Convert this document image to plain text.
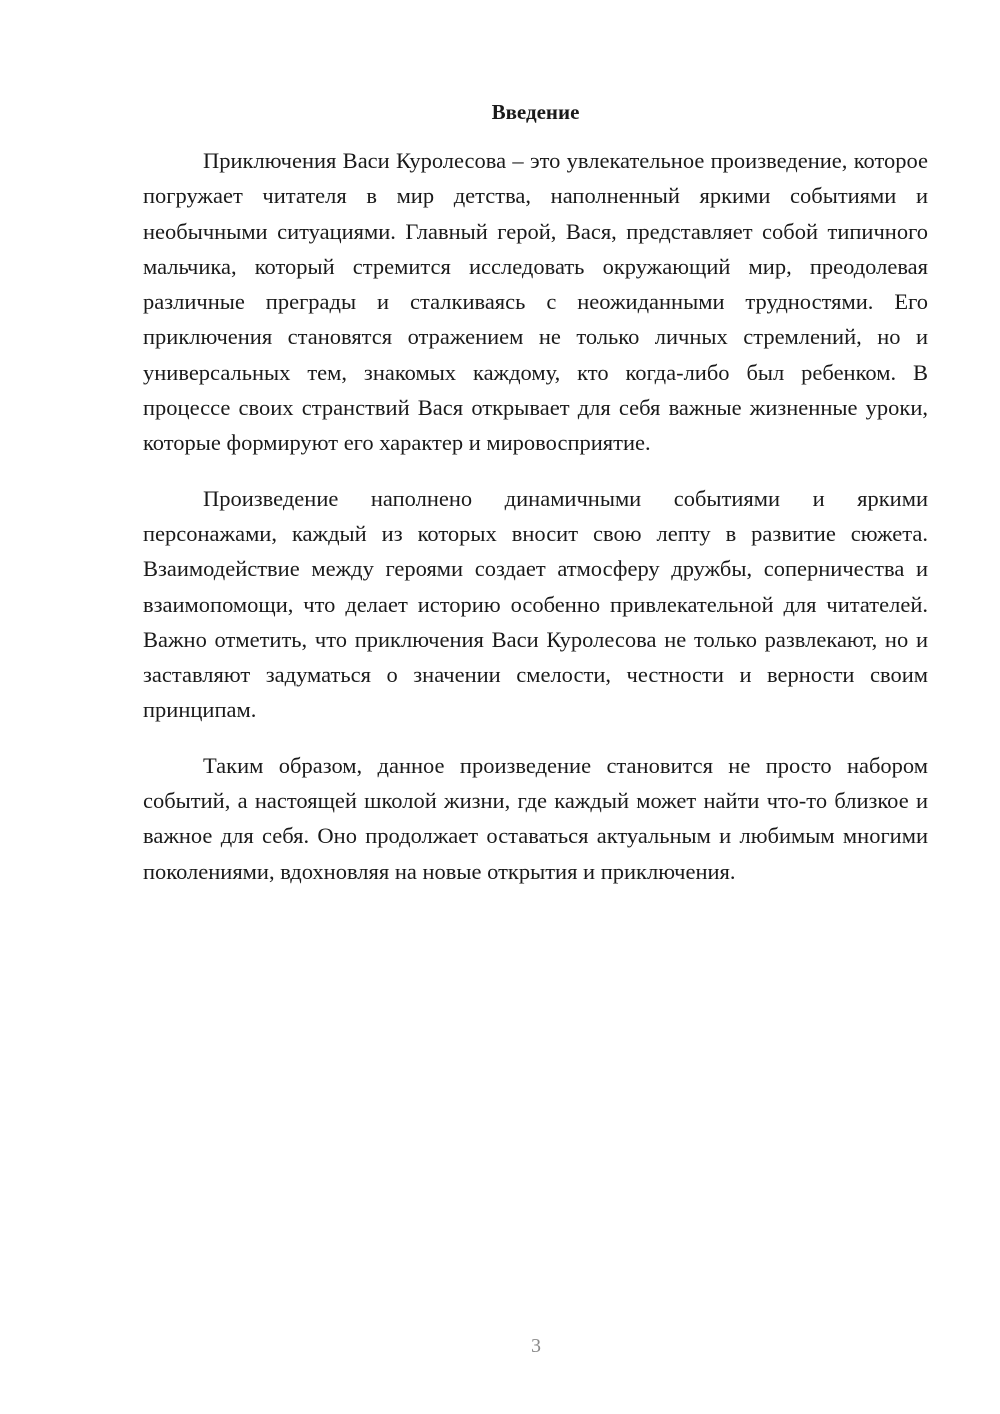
Введение

Приключения Васи Куролесова – это увлекательное произведение, которое погружает читателя в мир детства, наполненный яркими событиями и необычными ситуациями. Главный герой, Вася, представляет собой типичного мальчика, который стремится исследовать окружающий мир, преодолевая различные преграды и сталкиваясь с неожиданными трудностями. Его приключения становятся отражением не только личных стремлений, но и универсальных тем, знакомых каждому, кто когда-либо был ребенком. В процессе своих странствий Вася открывает для себя важные жизненные уроки, которые формируют его характер и мировосприятие.

Произведение наполнено динамичными событиями и яркими персонажами, каждый из которых вносит свою лепту в развитие сюжета. Взаимодействие между героями создает атмосферу дружбы, соперничества и взаимопомощи, что делает историю особенно привлекательной для читателей. Важно отметить, что приключения Васи Куролесова не только развлекают, но и заставляют задуматься о значении смелости, честности и верности своим принципам.

Таким образом, данное произведение становится не просто набором событий, а настоящей школой жизни, где каждый может найти что-то близкое и важное для себя. Оно продолжает оставаться актуальным и любимым многими поколениями, вдохновляя на новые открытия и приключения.

3
